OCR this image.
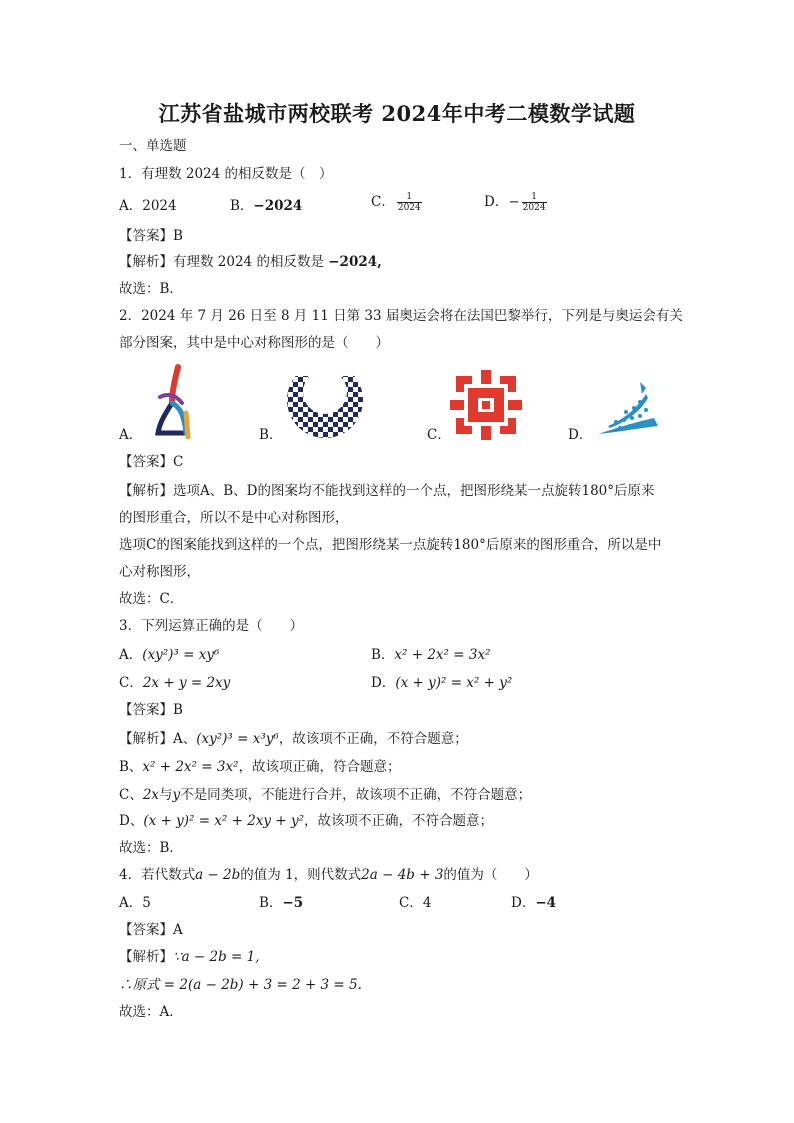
江苏省盐城市两校联考 2024年中考二模数学试题
一、单选题
1．有理数 2024 的相反数是（　）
A．2024	B．−2024	C． $\frac{1}{2024}$	D．− $\frac{1}{2024}$
【答案】B
【解析】有理数 2024 的相反数是 −2024,
故选：B．
2．2024 年 7 月 26 日至 8 月 11 日第 33 届奥运会将在法国巴黎举行，下列是与奥运会有关
部分图案，其中是中心对称图形的是（　　）
A．	B．	C．	D．
【答案】C
【解析】选项A、B、D的图案均不能找到这样的一个点，把图形绕某一点旋转180°后原来
的图形重合，所以不是中心对称图形，
选项C的图案能找到这样的一个点，把图形绕某一点旋转180°后原来的图形重合，所以是中
心对称图形，
故选：C．
3．下列运算正确的是（　　）
A．(xy²)³ = xy⁶	B．x² + 2x² = 3x²
C．2x + y = 2xy	D．(x + y)² = x² + y²
【答案】B
【解析】A、(xy²)³ = x³y⁶，故该项不正确，不符合题意；
B、x² + 2x² = 3x²，故该项正确，符合题意；
C、2x与y不是同类项，不能进行合并，故该项不正确，不符合题意；
D、(x + y)² = x² + 2xy + y²，故该项不正确，不符合题意；
故选：B．
4．若代数式a − 2b的值为 1，则代数式2a − 4b + 3的值为（　　）
A．5	B．−5	C．4	D．−4
【答案】A
【解析】∵a − 2b = 1,
∴原式 = 2(a − 2b) + 3 = 2 + 3 = 5.
故选：A．
